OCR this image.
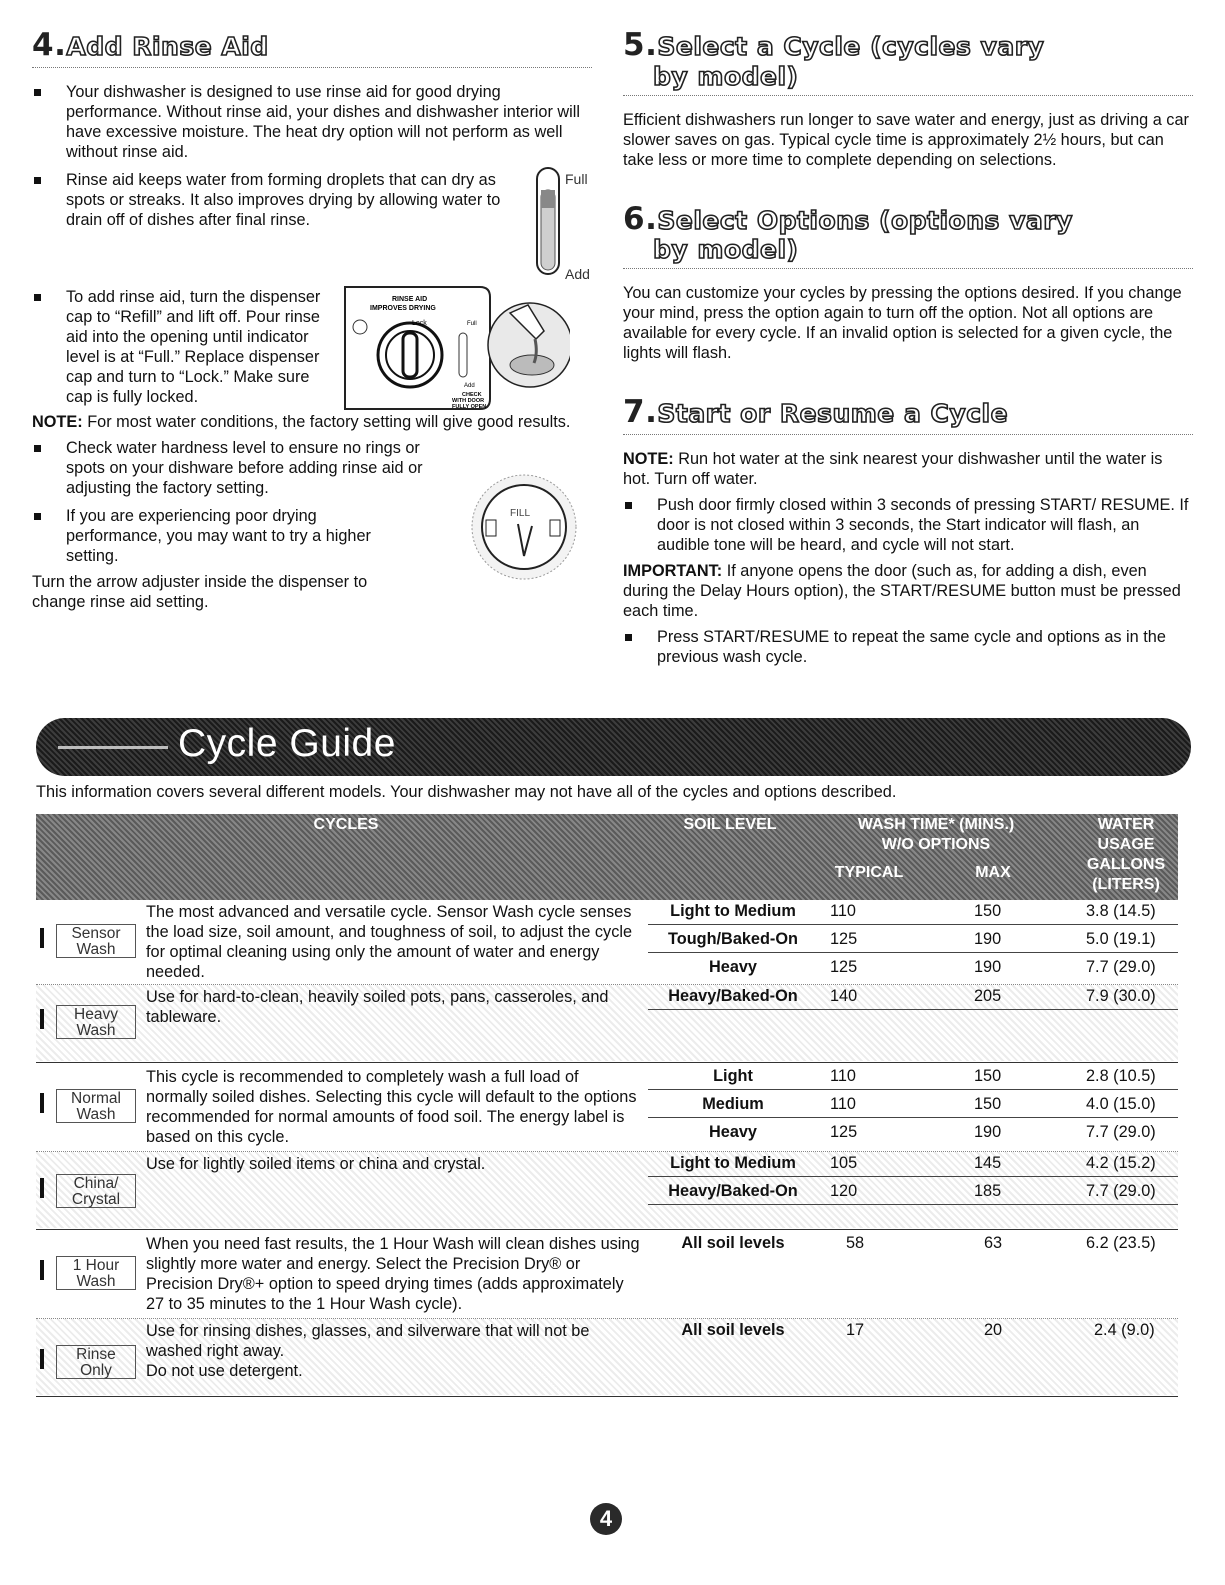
4.Add Rinse Aid
Your dishwasher is designed to use rinse aid for good drying performance. Without rinse aid, your dishes and dishwasher interior will have excessive moisture. The heat dry option will not perform as well without rinse aid.
Rinse aid keeps water from forming droplets that can dry as spots or streaks. It also improves drying by allowing water to drain off of dishes after final rinse.
To add rinse aid, turn the dispenser cap to “Refill” and lift off. Pour rinse aid into the opening until indicator level is at “Full.” Replace dispenser cap and turn to “Lock.” Make sure cap is fully locked.

NOTE: For most water conditions, the factory setting will give good results.

Check water hardness level to ensure no rings or spots on your dishware before adding rinse aid or adjusting the factory setting.
If you are experiencing poor drying performance, you may want to try a higher setting.

Turn the arrow adjuster inside the dispenser to change rinse aid setting.

Full
Add
RINSE AID
IMPROVES DRYING
Lock	Full
Add
CHECK
WITH DOOR
FULLY OPEN
FILL
5.Select a Cycle (cycles vary
by model)

Efficient dishwashers run longer to save water and energy, just as driving a car slower saves on gas. Typical cycle time is approximately 2½ hours, but can take less or more time to complete depending on selections.

6.Select Options (options vary
by model)

You can customize your cycles by pressing the options desired. If you change your mind, press the option again to turn off the option. Not all options are available for every cycle. If an invalid option is selected for a given cycle, the lights will flash.

7.Start or Resume a Cycle

NOTE: Run hot water at the sink nearest your dishwasher until the water is hot. Turn off water.

Push door firmly closed within 3 seconds of pressing START/ RESUME. If door is not closed within 3 seconds, the Start indicator will flash, an audible tone will be heard, and cycle will not start.

IMPORTANT: If anyone opens the door (such as, for adding a dish, even during the Delay Hours option), the START/RESUME button must be pressed each time.

Press START/RESUME to repeat the same cycle and options as in the previous wash cycle.
Cycle Guide
This information covers several different models. Your dishwasher may not have all of the cycles and options described.
CYCLES	SOIL LEVEL	WASH TIME* (MINS.)
W/O OPTIONS
TYPICAL	MAX
WATER
USAGE
GALLONS
(LITERS)
Sensor
Wash
The most advanced and versatile cycle. Sensor Wash cycle senses the load size, soil amount, and toughness of soil, to adjust the cycle for optimal cleaning using only the amount of water and energy needed.
Light to Medium	110	150	3.8 (14.5)
Tough/Baked-On	125	190	5.0 (19.1)
Heavy	125	190	7.7 (29.0)
Heavy
Wash
Use for hard-to-clean, heavily soiled pots, pans, casseroles, and tableware.
Heavy/Baked-On	140	205	7.9 (30.0)
Normal
Wash
This cycle is recommended to completely wash a full load of normally soiled dishes. Selecting this cycle will default to the options recommended for normal amounts of food soil. The energy label is based on this cycle.
Light	110	150	2.8 (10.5)
Medium	110	150	4.0 (15.0)
Heavy	125	190	7.7 (29.0)
China/
Crystal
Use for lightly soiled items or china and crystal.	Light to Medium	105	145	4.2 (15.2)
Heavy/Baked-On	120	185	7.7 (29.0)
1 Hour
Wash
When you need fast results, the 1 Hour Wash will clean dishes using slightly more water and energy. Select the Precision Dry® or Precision Dry®+ option to speed drying times (adds approximately 27 to 35 minutes to the 1 Hour Wash cycle).
All soil levels	58	63	6.2 (23.5)
Rinse
Only
Use for rinsing dishes, glasses, and silverware that will not be washed right away.
Do not use detergent.
All soil levels	17	20	2.4 (9.0)
4
